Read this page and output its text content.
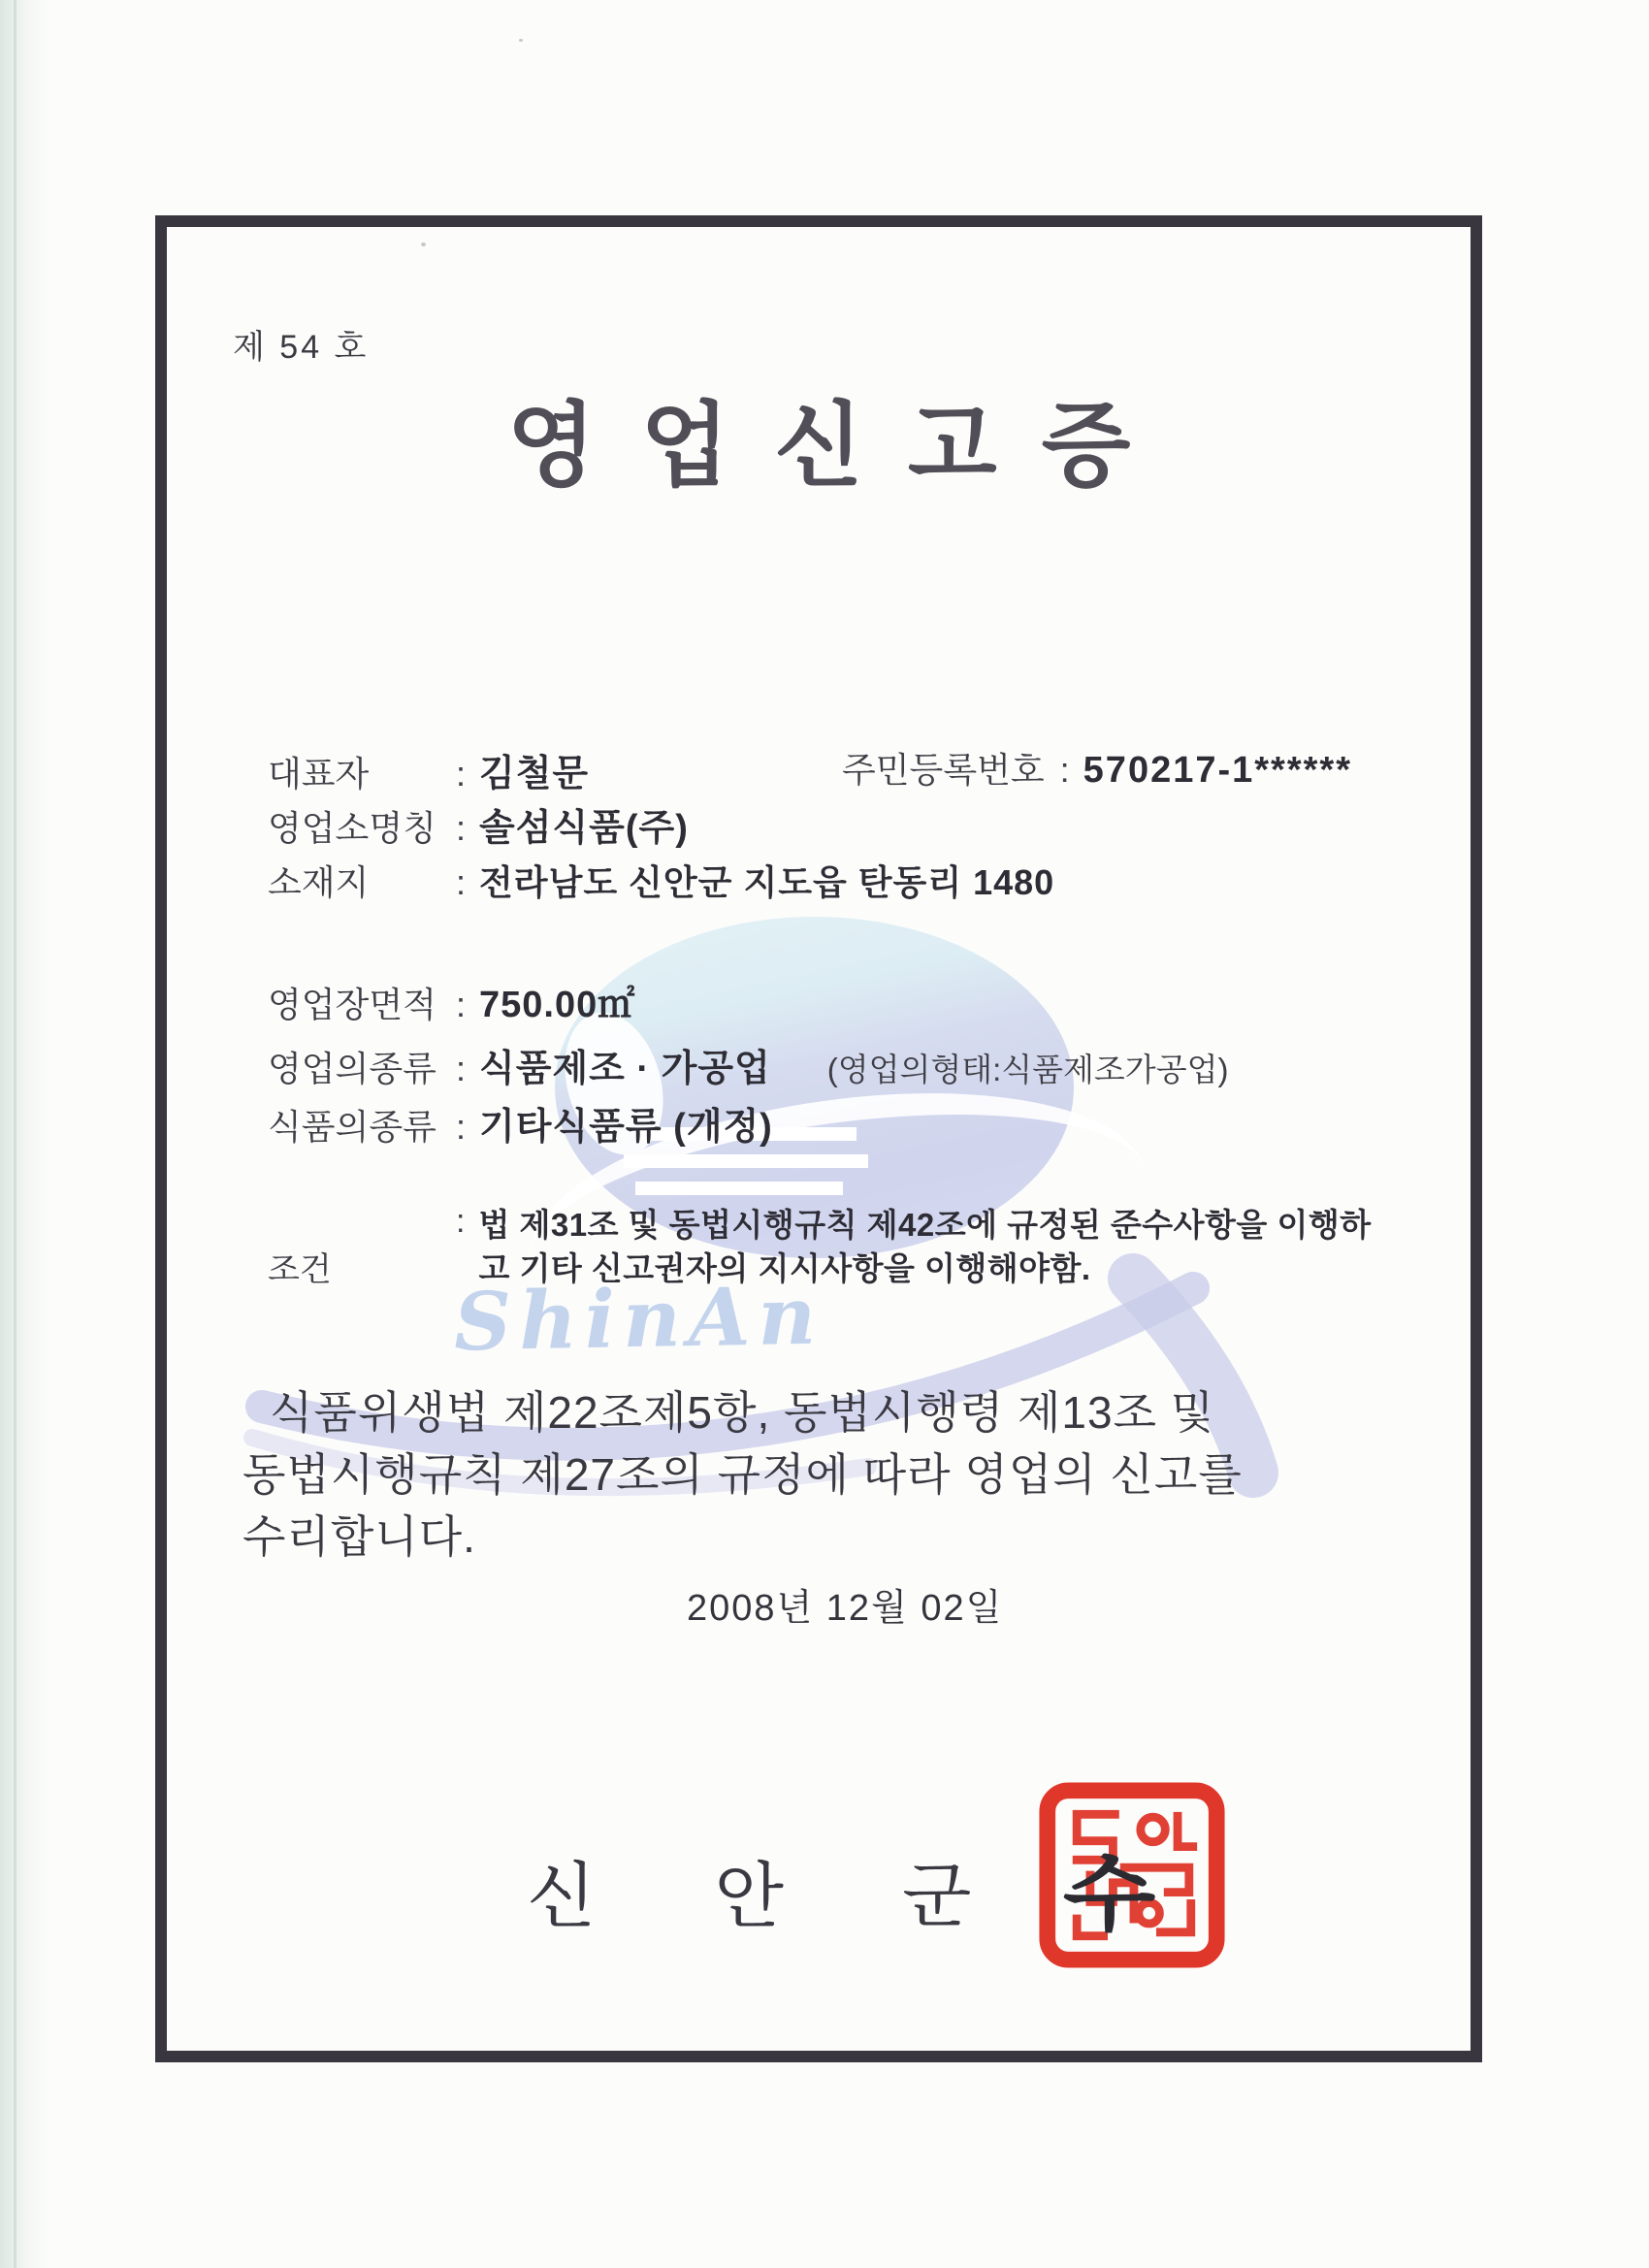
ShinAn
제 54 호
영업신고증
대표자 : 김철문	주민등록번호 : 570217-1******
영업소명칭 : 솔섬식품(주)
소재지 : 전라남도 신안군 지도읍 탄동리 1480
영업장면적 : 750.00㎡
영업의종류 : 식품제조 · 가공업 (영업의형태:식품제조가공업)
식품의종류 : 기타식품류 (개정)
조건: 법 제31조 및 동법시행규칙 제42조에 규정된 준수사항을 이행하
고 기타 신고권자의 지시사항을 이행해야함.
식품위생법 제22조제5항, 동법시행령 제13조 및
동법시행규칙 제27조의 규정에 따라 영업의 신고를
수리합니다.
2008년 12월 02일
신안군
수
